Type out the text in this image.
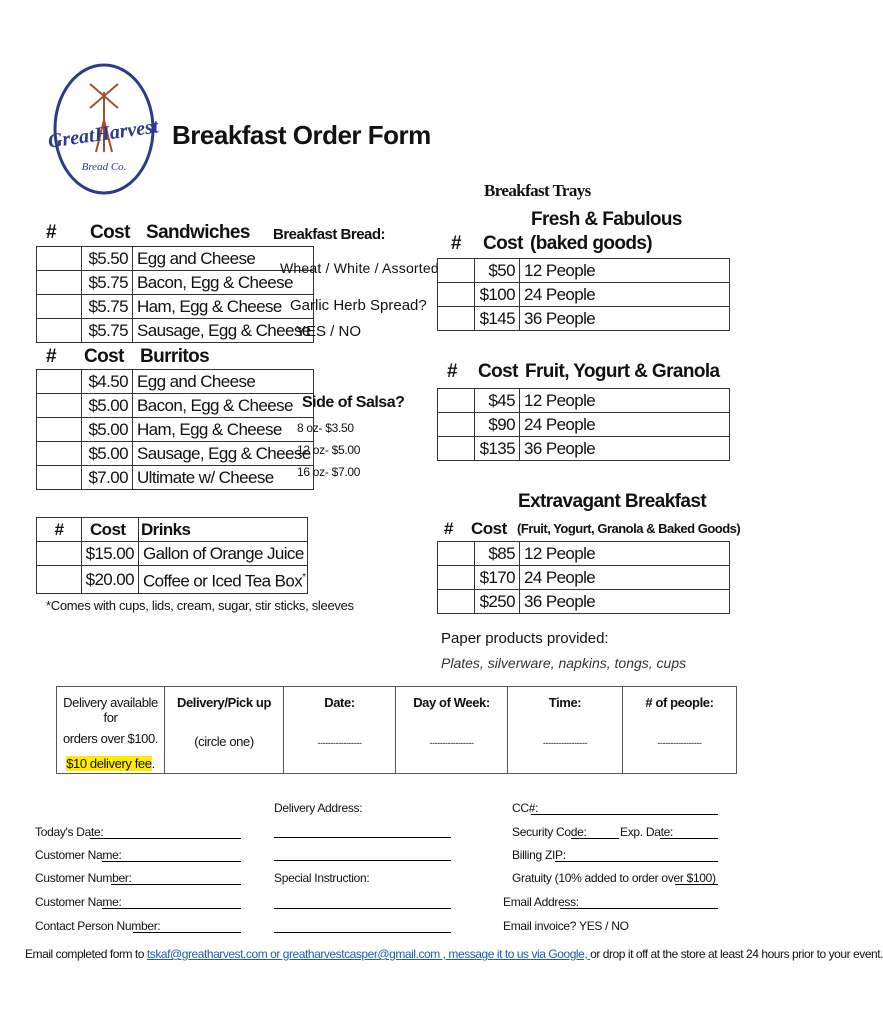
GreatHarvest
Bread Co.
Breakfast Order Form
# Cost Sandwiches
	$5.50	Egg and Cheese
	$5.75	Bacon, Egg & Cheese
	$5.75	Ham, Egg & Cheese
	$5.75	Sausage, Egg & Cheese
# Cost Burritos
	$4.50	Egg and Cheese
	$5.00	Bacon, Egg & Cheese
	$5.00	Ham, Egg & Cheese
	$5.00	Sausage, Egg & Cheese
	$7.00	Ultimate w/ Cheese
#	Cost	Drinks
	$15.00	Gallon of Orange Juice
	$20.00	Coffee or Iced Tea Box*
*Comes with cups, lids, cream, sugar, stir sticks, sleeves
Breakfast Bread:
Wheat / White / Assorted
Garlic Herb Spread?
YES / NO
Side of Salsa?
8 oz- $3.50
12 oz- $5.00
16 oz- $7.00
Breakfast Trays
Fresh & Fabulous
# Cost (baked goods)
	$50	12 People
	$100	24 People
	$145	36 People
# Cost Fruit, Yogurt & Granola
	$45	12 People
	$90	24 People
	$135	36 People
Extravagant Breakfast
# Cost (Fruit, Yogurt, Granola & Baked Goods)
	$85	12 People
	$170	24 People
	$250	36 People
Paper products provided:
Plates, silverware, napkins, tongs, cups
Delivery available for
orders over $100.
$10 delivery fee.

Delivery/Pick up
(circle one)

Date:
-----------------

Day of Week:
-----------------

Time:
-----------------

# of people:
-----------------
Today's Date:
Customer Name:
Customer Number:
Customer Name:
Contact Person Number:
Delivery Address:
Special Instruction:
CC#:
Security Code:	Exp. Date:
Billing ZIP:
Gratuity (10% added to order over $100)
Email Address:
Email invoice? YES / NO
Email completed form to tskaf@greatharvest.com or greatharvestcasper@gmail.com , message it to us via Google, or drop it off at the store at least 24 hours prior to your event.
